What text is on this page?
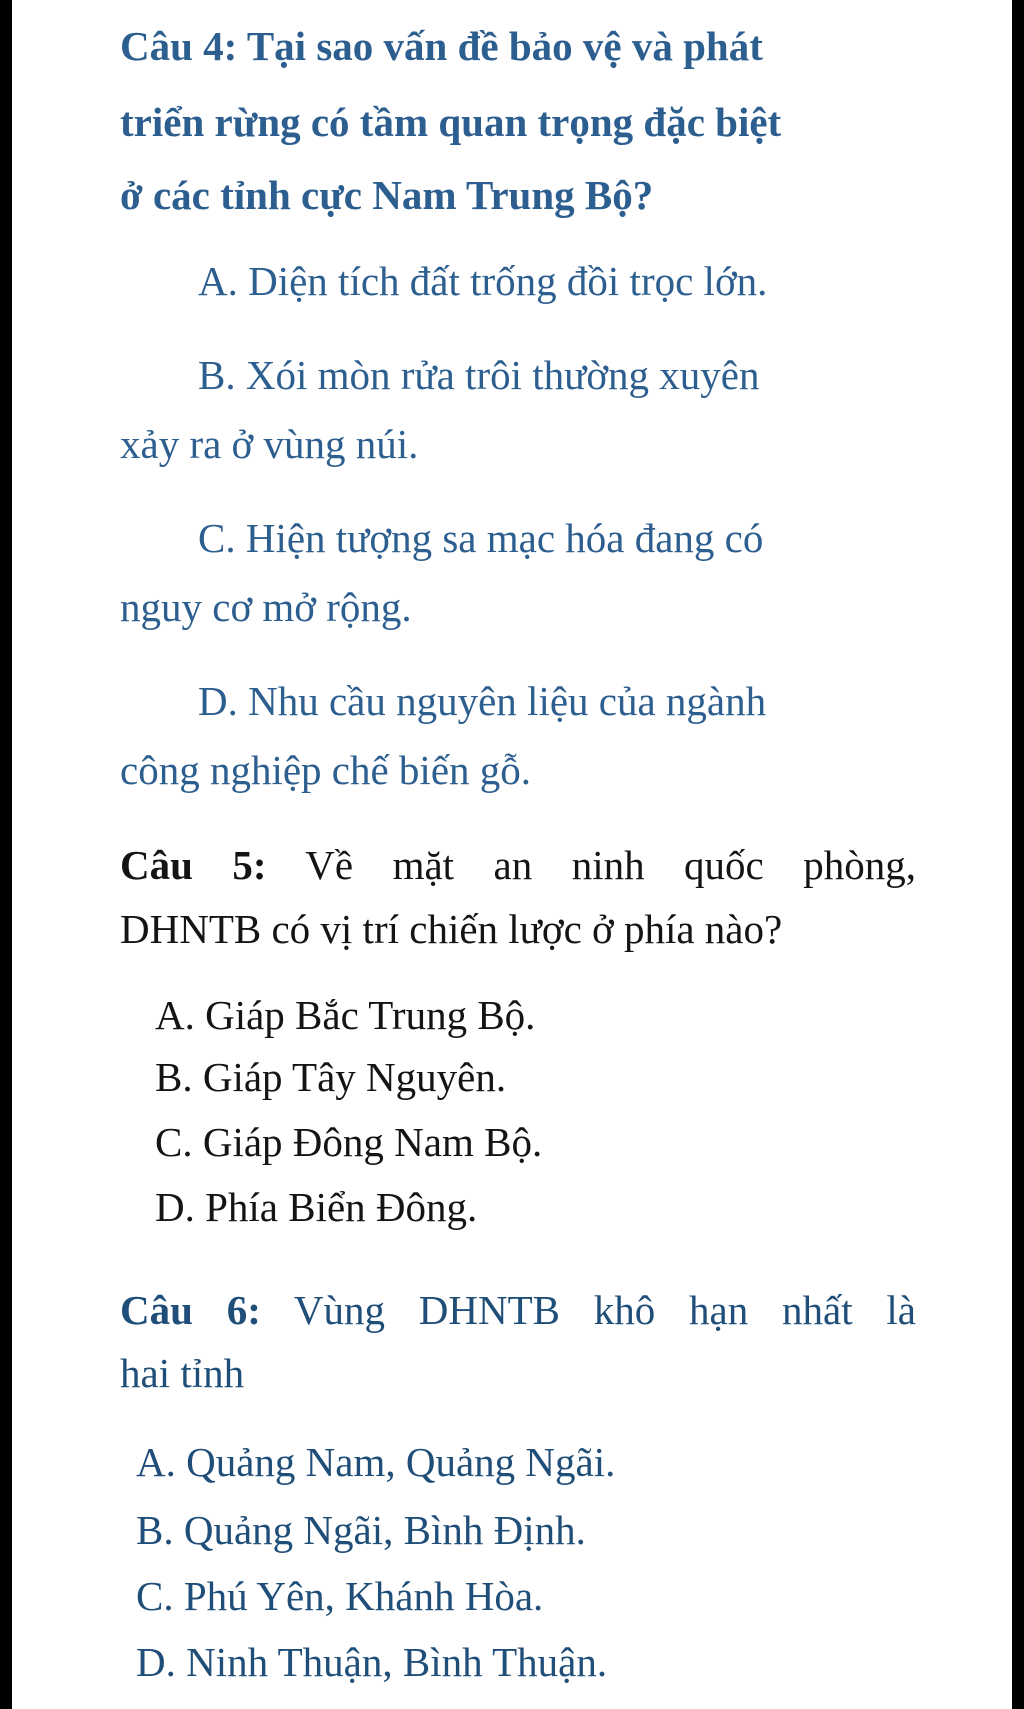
Câu 4: Tại sao vấn đề bảo vệ và phát
triển rừng có tầm quan trọng đặc biệt
ở các tỉnh cực Nam Trung Bộ?
A. Diện tích đất trống đồi trọc lớn.
B. Xói mòn rửa trôi thường xuyên
xảy ra ở vùng núi.
C. Hiện tượng sa mạc hóa đang có
nguy cơ mở rộng.
D. Nhu cầu nguyên liệu của ngành
công nghiệp chế biến gỗ.
Câu 5: Về mặt an ninh quốc phòng,
DHNTB có vị trí chiến lược ở phía nào?
A. Giáp Bắc Trung Bộ.
B. Giáp Tây Nguyên.
C. Giáp Đông Nam Bộ.
D. Phía Biển Đông.
Câu 6: Vùng DHNTB khô hạn nhất là
hai tỉnh
A. Quảng Nam, Quảng Ngãi.
B. Quảng Ngãi, Bình Định.
C. Phú Yên, Khánh Hòa.
D. Ninh Thuận, Bình Thuận.
